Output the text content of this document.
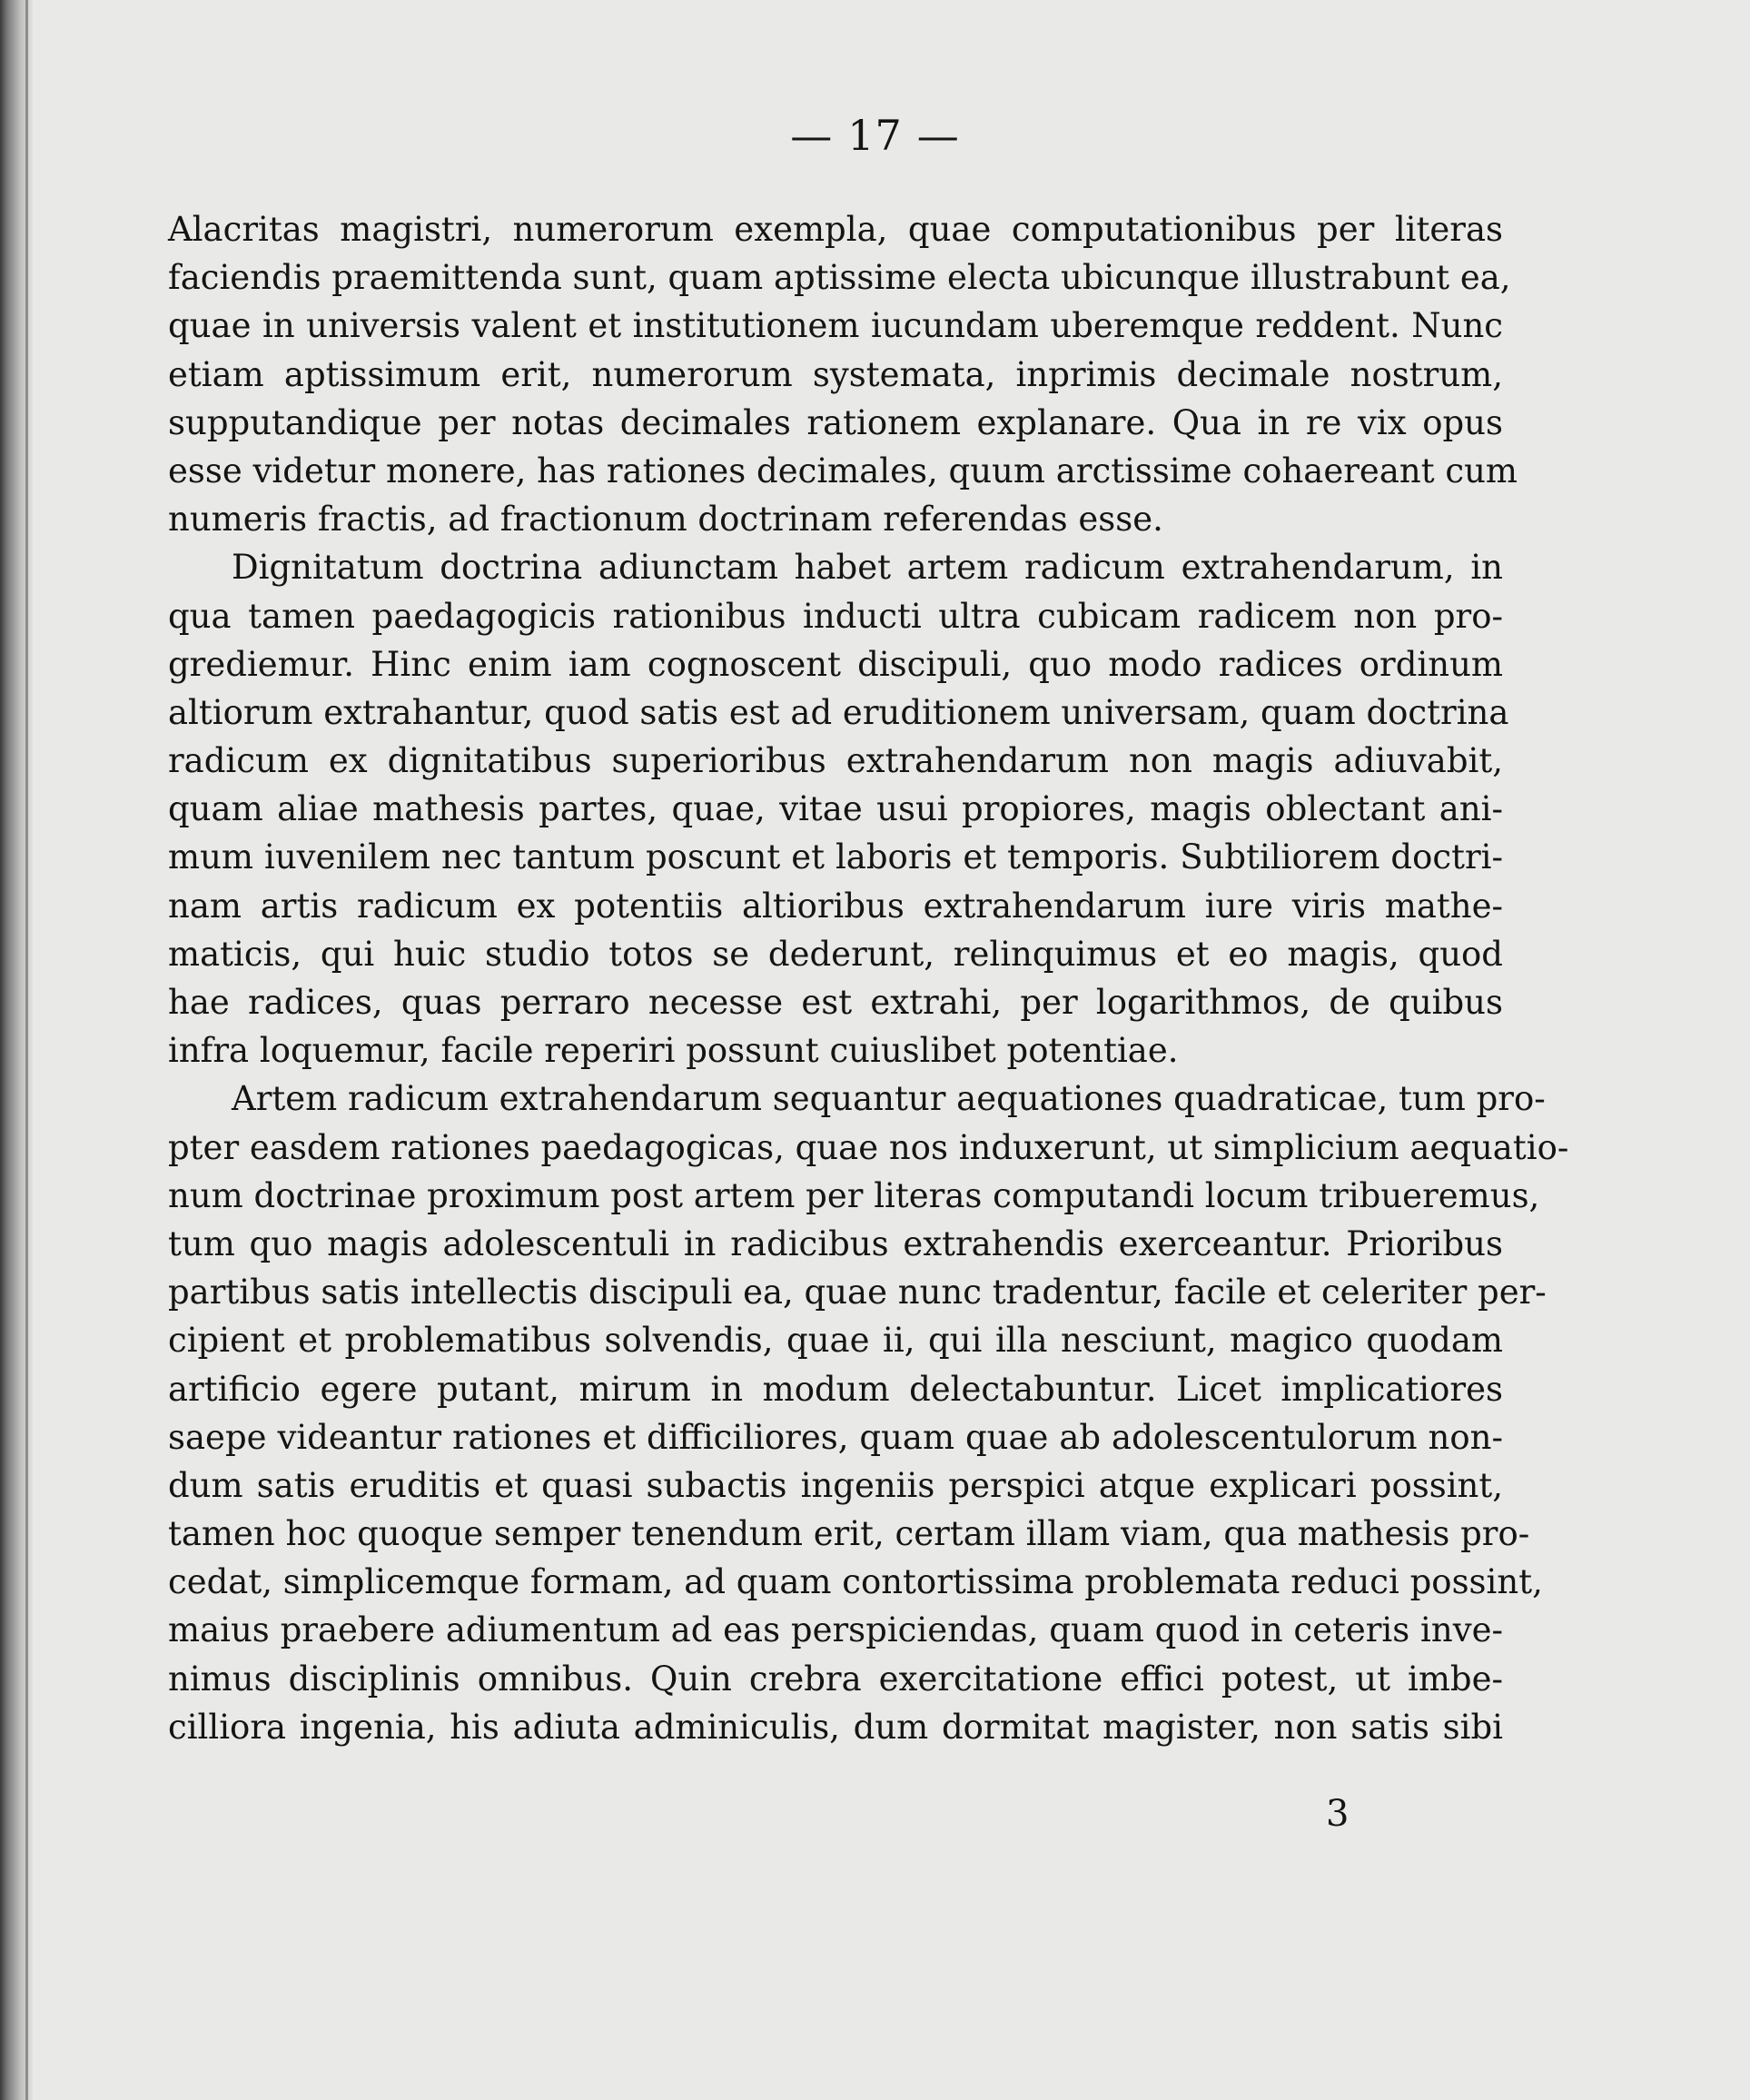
— 17 —
Alacritas magistri, numerorum exempla, quae computationibus per literas
faciendis praemittenda sunt, quam aptissime electa ubicunque illustrabunt ea,
quae in universis valent et institutionem iucundam uberemque reddent. Nunc
etiam aptissimum erit, numerorum systemata, inprimis decimale nostrum,
supputandique per notas decimales rationem explanare. Qua in re vix opus
esse videtur monere, has rationes decimales, quum arctissime cohaereant cum
numeris fractis, ad fractionum doctrinam referendas esse.
Dignitatum doctrina adiunctam habet artem radicum extrahendarum, in
qua tamen paedagogicis rationibus inducti ultra cubicam radicem non pro-
grediemur. Hinc enim iam cognoscent discipuli, quo modo radices ordinum
altiorum extrahantur, quod satis est ad eruditionem universam, quam doctrina
radicum ex dignitatibus superioribus extrahendarum non magis adiuvabit,
quam aliae mathesis partes, quae, vitae usui propiores, magis oblectant ani-
mum iuvenilem nec tantum poscunt et laboris et temporis. Subtiliorem doctri-
nam artis radicum ex potentiis altioribus extrahendarum iure viris mathe-
maticis, qui huic studio totos se dederunt, relinquimus et eo magis, quod
hae radices, quas perraro necesse est extrahi, per logarithmos, de quibus
infra loquemur, facile reperiri possunt cuiuslibet potentiae.
Artem radicum extrahendarum sequantur aequationes quadraticae, tum pro-
pter easdem rationes paedagogicas, quae nos induxerunt, ut simplicium aequatio-
num doctrinae proximum post artem per literas computandi locum tribueremus,
tum quo magis adolescentuli in radicibus extrahendis exerceantur. Prioribus
partibus satis intellectis discipuli ea, quae nunc tradentur, facile et celeriter per-
cipient et problematibus solvendis, quae ii, qui illa nesciunt, magico quodam
artificio egere putant, mirum in modum delectabuntur. Licet implicatiores
saepe videantur rationes et difficiliores, quam quae ab adolescentulorum non-
dum satis eruditis et quasi subactis ingeniis perspici atque explicari possint,
tamen hoc quoque semper tenendum erit, certam illam viam, qua mathesis pro-
cedat, simplicemque formam, ad quam contortissima problemata reduci possint,
maius praebere adiumentum ad eas perspiciendas, quam quod in ceteris inve-
nimus disciplinis omnibus. Quin crebra exercitatione effici potest, ut imbe-
cilliora ingenia, his adiuta adminiculis, dum dormitat magister, non satis sibi
3
